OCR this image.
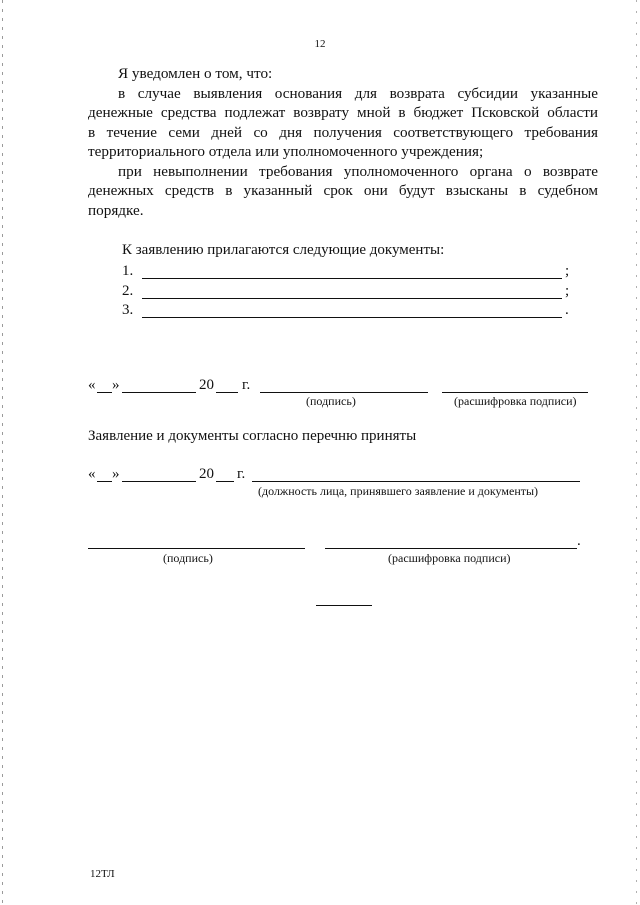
12

Я уведомлен о том, что:

в случае выявления основания для возврата субсидии указанные

денежные средства подлежат возврату мной в бюджет Псковской области

в течение семи дней со дня получения соответствующего требования

территориального отдела или уполномоченного учреждения;

при невыполнении требования уполномоченного органа о возврате

денежных средств в указанный срок они будут взысканы в судебном

порядке.

К заявлению прилагаются следующие документы:
1.	;
2.	;
3.	.
« »	20 г.
(подпись)	(расшифровка подписи)
Заявление и документы согласно перечню приняты
« »	20 г.
(должность лица, принявшего заявление и документы)
.
(подпись)	(расшифровка подписи)
12ТЛ
